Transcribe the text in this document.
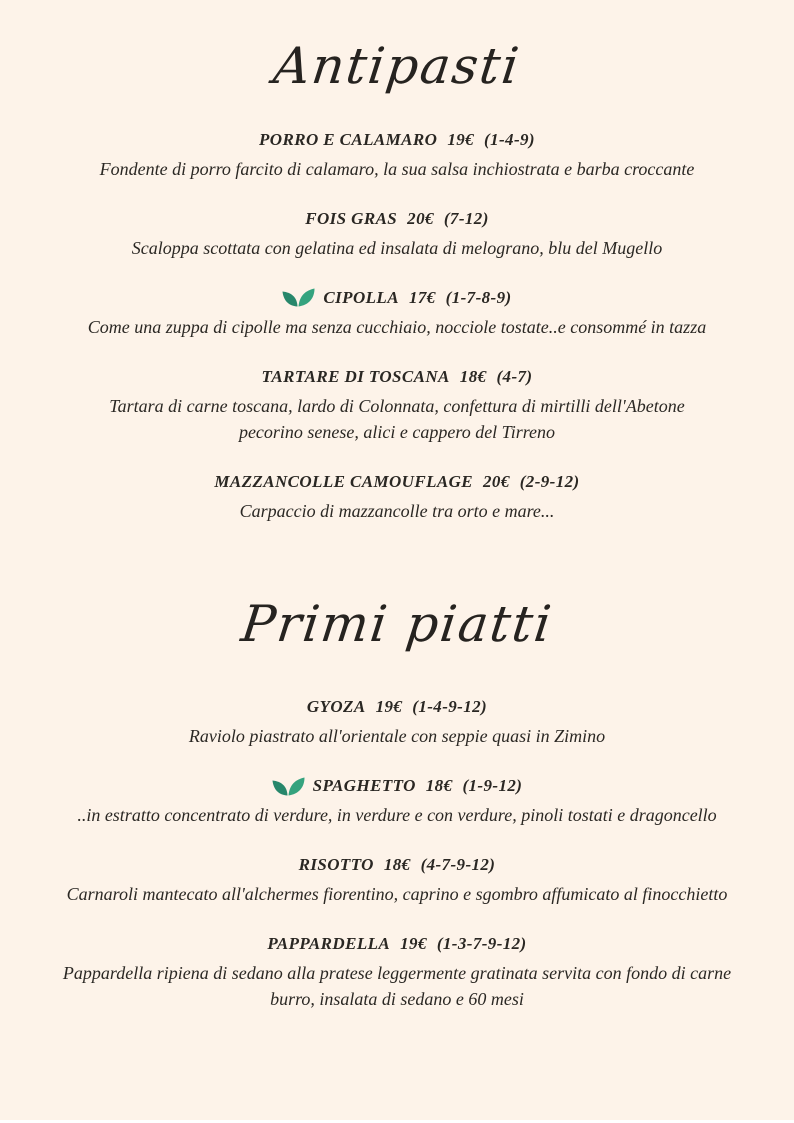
Antipasti
PORRO E CALAMARO 19€ (1-4-9)
Fondente di porro farcito di calamaro, la sua salsa inchiostrata e barba croccante
FOIS GRAS 20€ (7-12)
Scaloppa scottata con gelatina ed insalata di melograno, blu del Mugello
CIPOLLA 17€ (1-7-8-9)
Come una zuppa di cipolle ma senza cucchiaio, nocciole tostate..e consommé in tazza
TARTARE DI TOSCANA 18€ (4-7)
Tartara di carne toscana, lardo di Colonnata, confettura di mirtilli dell'Abetone
pecorino senese, alici e cappero del Tirreno
MAZZANCOLLE CAMOUFLAGE 20€ (2-9-12)
Carpaccio di mazzancolle tra orto e mare...
Primi piatti
GYOZA 19€ (1-4-9-12)
Raviolo piastrato all'orientale con seppie quasi in Zimino
SPAGHETTO 18€ (1-9-12)
..in estratto concentrato di verdure, in verdure e con verdure, pinoli tostati e dragoncello
RISOTTO 18€ (4-7-9-12)
Carnaroli mantecato all'alchermes fiorentino, caprino e sgombro affumicato al finocchietto
PAPPARDELLA 19€ (1-3-7-9-12)
Pappardella ripiena di sedano alla pratese leggermente gratinata servita con fondo di carne
burro, insalata di sedano e 60 mesi
